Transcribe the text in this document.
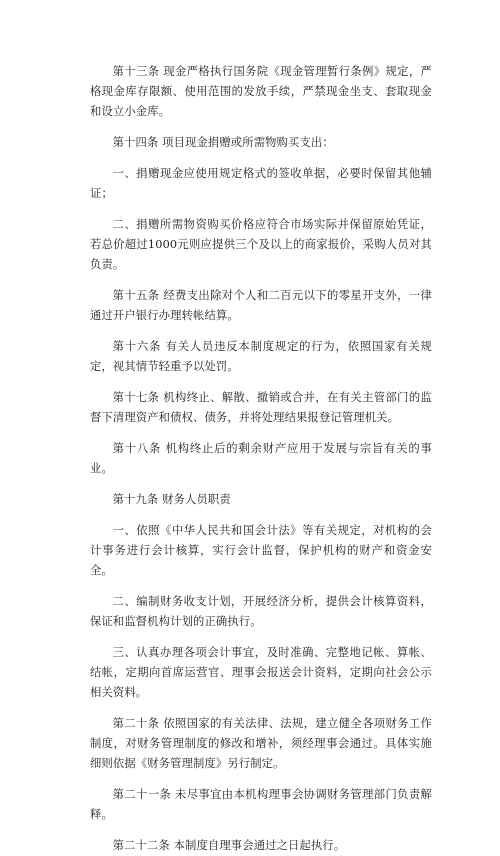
第十三条 现金严格执行国务院《现金管理暂行条例》规定，严格现金库存限额、使用范围的发放手续，严禁现金坐支、套取现金和设立小金库。

第十四条 项目现金捐赠或所需物购买支出：

一、捐赠现金应使用规定格式的签收单据，必要时保留其他辅证；

二、捐赠所需物资购买价格应符合市场实际并保留原始凭证，若总价超过1000元则应提供三个及以上的商家报价，采购人员对其负责。

第十五条 经费支出除对个人和二百元以下的零星开支外，一律通过开户银行办理转帐结算。

第十六条 有关人员违反本制度规定的行为，依照国家有关规定，视其情节轻重予以处罚。

第十七条 机构终止、解散、撤销或合并，在有关主管部门的监督下清理资产和债权、债务，并将处理结果报登记管理机关。

第十八条 机构终止后的剩余财产应用于发展与宗旨有关的事业。

第十九条 财务人员职责

一、依照《中华人民共和国会计法》等有关规定，对机构的会计事务进行会计核算，实行会计监督，保护机构的财产和资金安全。

二、编制财务收支计划，开展经济分析，提供会计核算资料，保证和监督机构计划的正确执行。

三、认真办理各项会计事宜，及时准确、完整地记帐、算帐、结帐，定期向首席运营官、理事会报送会计资料，定期向社会公示相关资料。

第二十条 依照国家的有关法律、法规，建立健全各项财务工作制度，对财务管理制度的修改和增补，须经理事会通过。具体实施细则依据《财务管理制度》另行制定。

第二十一条 未尽事宜由本机构理事会协调财务管理部门负责解释。

第二十二条 本制度自理事会通过之日起执行。
